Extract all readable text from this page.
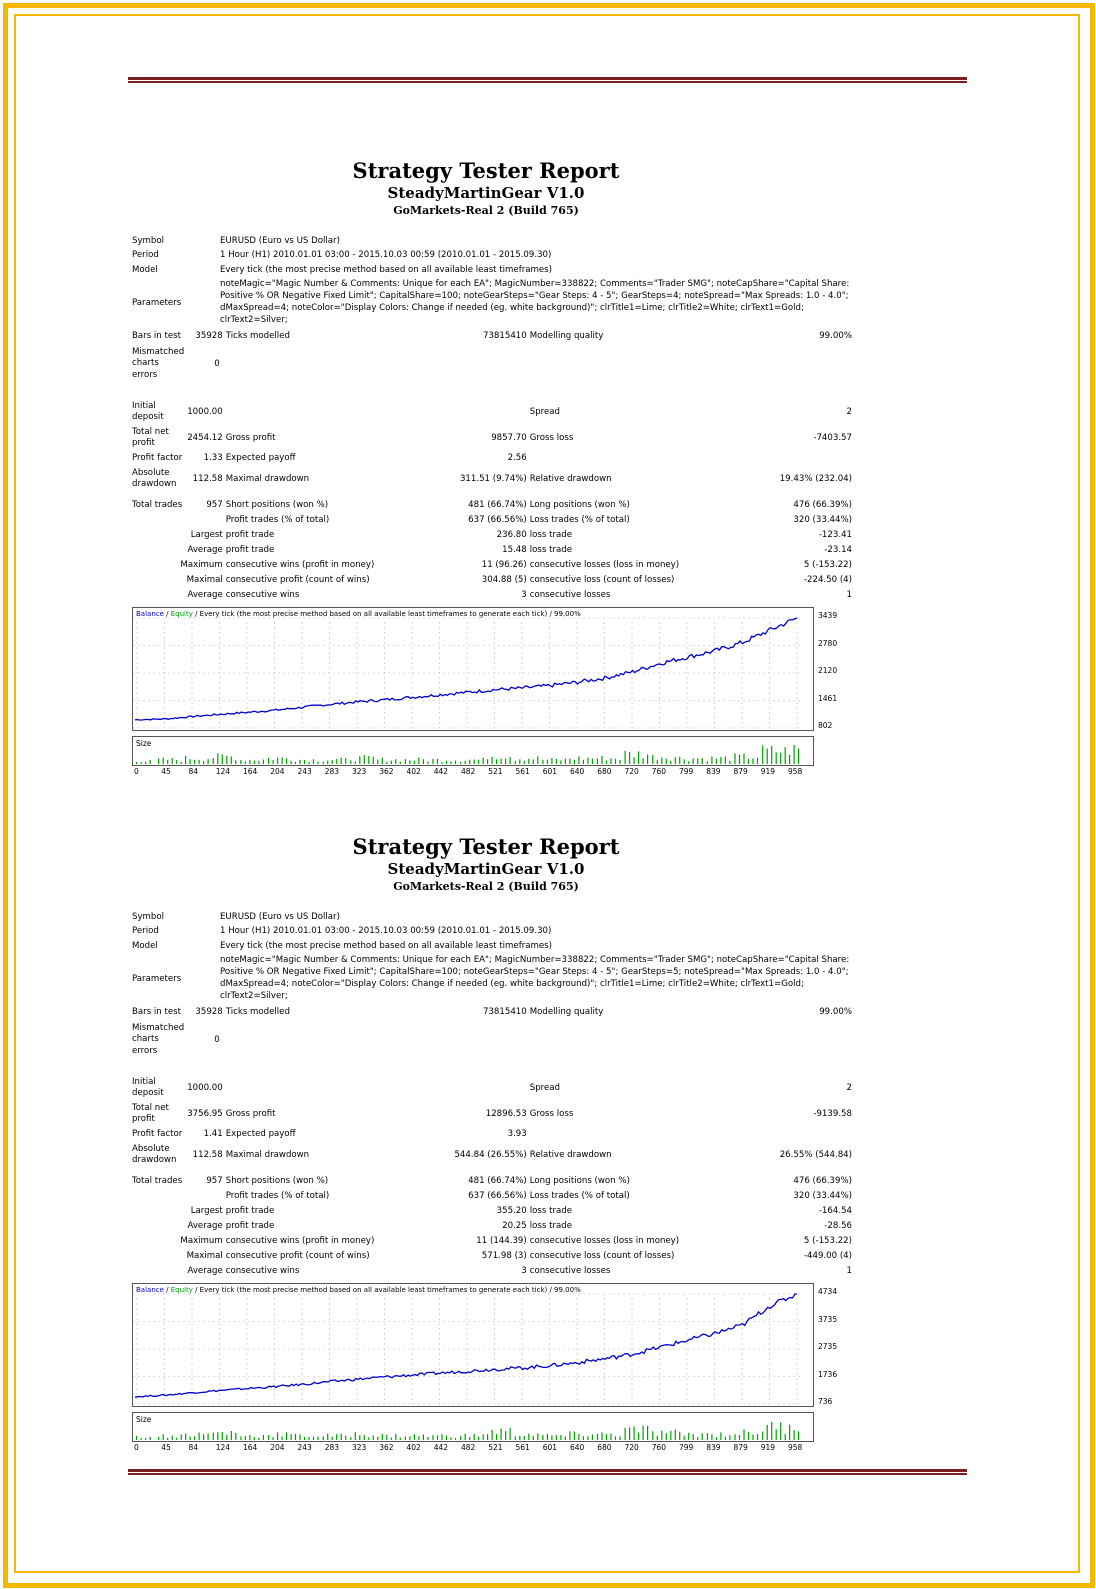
Strategy Tester Report
SteadyMartinGear V1.0
GoMarkets-Real 2 (Build 765)
Symbol	EURUSD (Euro vs US Dollar)
Period	1 Hour (H1) 2010.01.01 03:00 - 2015.10.03 00:59 (2010.01.01 - 2015.09.30)
Model	Every tick (the most precise method based on all available least timeframes)
Parameters	noteMagic="Magic Number & Comments: Unique for each EA"; MagicNumber=338822; Comments="Trader SMG"; noteCapShare="Capital Share: Positive % OR Negative Fixed Limit"; CapitalShare=100; noteGearSteps="Gear Steps: 4 - 5"; GearSteps=4; noteSpread="Max Spreads: 1.0 - 4.0"; dMaxSpread=4; noteColor="Display Colors: Change if needed (eg. white background)"; clrTitle1=Lime; clrTitle2=White; clrText1=Gold; clrText2=Silver;
Bars in test	35928	Ticks modelled	73815410	Modelling quality	99.00%
Mismatched charts errors	0				

Initial deposit	1000.00			Spread	2
Total net profit	2454.12	Gross profit	9857.70	Gross loss	-7403.57
Profit factor	1.33	Expected payoff	2.56		
Absolute drawdown	112.58	Maximal drawdown	311.51 (9.74%)	Relative drawdown	19.43% (232.04)

Total trades	957	Short positions (won %)	481 (66.74%)	Long positions (won %)	476 (66.39%)
		Profit trades (% of total)	637 (66.56%)	Loss trades (% of total)	320 (33.44%)
Largest		profit trade	236.80	loss trade	-123.41
Average		profit trade	15.48	loss trade	-23.14
Maximum		consecutive wins (profit in money)	11 (96.26)	consecutive losses (loss in money)	5 (-153.22)
Maximal		consecutive profit (count of wins)	304.88 (5)	consecutive loss (count of losses)	-224.50 (4)
Average		consecutive wins	3	consecutive losses	1
Balance / Equity / Every tick (the most precise method based on all available least timeframes to generate each tick) / 99.00%	3439
2780
2120
1461
802
Size
0	45 84 124 164 204 243 283 323 362 402 442 482 521 561 601 640 680 720 760 799 839 879 919 958
Strategy Tester Report
SteadyMartinGear V1.0
GoMarkets-Real 2 (Build 765)
Symbol	EURUSD (Euro vs US Dollar)
Period	1 Hour (H1) 2010.01.01 03:00 - 2015.10.03 00:59 (2010.01.01 - 2015.09.30)
Model	Every tick (the most precise method based on all available least timeframes)
Parameters	noteMagic="Magic Number & Comments: Unique for each EA"; MagicNumber=338822; Comments="Trader SMG"; noteCapShare="Capital Share: Positive % OR Negative Fixed Limit"; CapitalShare=100; noteGearSteps="Gear Steps: 4 - 5"; GearSteps=5; noteSpread="Max Spreads: 1.0 - 4.0"; dMaxSpread=4; noteColor="Display Colors: Change if needed (eg. white background)"; clrTitle1=Lime; clrTitle2=White; clrText1=Gold; clrText2=Silver;
Bars in test	35928	Ticks modelled	73815410	Modelling quality	99.00%
Mismatched charts errors	0				

Initial deposit	1000.00			Spread	2
Total net profit	3756.95	Gross profit	12896.53	Gross loss	-9139.58
Profit factor	1.41	Expected payoff	3.93		
Absolute drawdown	112.58	Maximal drawdown	544.84 (26.55%)	Relative drawdown	26.55% (544.84)

Total trades	957	Short positions (won %)	481 (66.74%)	Long positions (won %)	476 (66.39%)
		Profit trades (% of total)	637 (66.56%)	Loss trades (% of total)	320 (33.44%)
Largest		profit trade	355.20	loss trade	-164.54
Average		profit trade	20.25	loss trade	-28.56
Maximum		consecutive wins (profit in money)	11 (144.39)	consecutive losses (loss in money)	5 (-153.22)
Maximal		consecutive profit (count of wins)	571.98 (3)	consecutive loss (count of losses)	-449.00 (4)
Average		consecutive wins	3	consecutive losses	1
Balance / Equity / Every tick (the most precise method based on all available least timeframes to generate each tick) / 99.00%	4734
3735
2735
1736
736
Size
0	45 84 124 164 204 243 283 323 362 402 442 482 521 561 601 640 680 720 760 799 839 879 919 958
